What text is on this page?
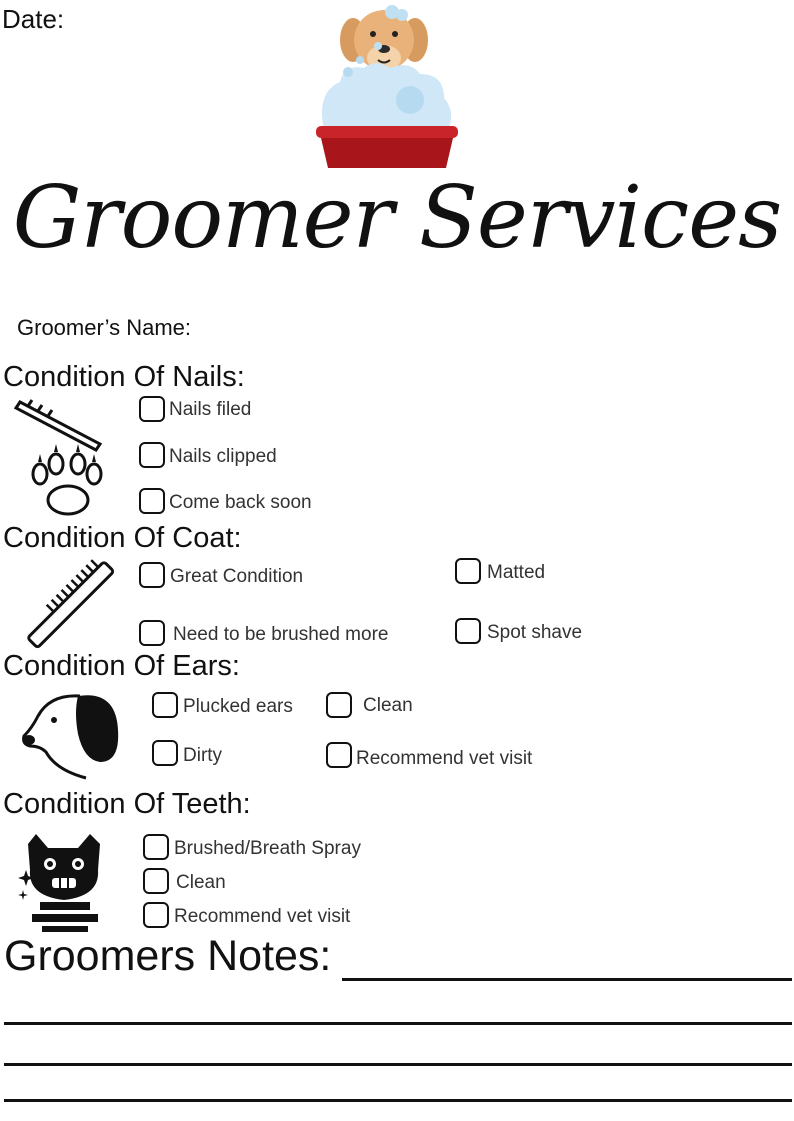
Date:
Groomer Services
Groomer’s Name:
Condition Of Nails:
Nails filed
Nails clipped
Come back soon
Condition Of Coat:
Great Condition
Need to be brushed more
Matted
Spot shave
Condition Of Ears:
Plucked ears
Dirty
Clean
Recommend vet visit
Condition Of Teeth:
Brushed/Breath Spray
Clean
Recommend vet visit
Groomers Notes:
